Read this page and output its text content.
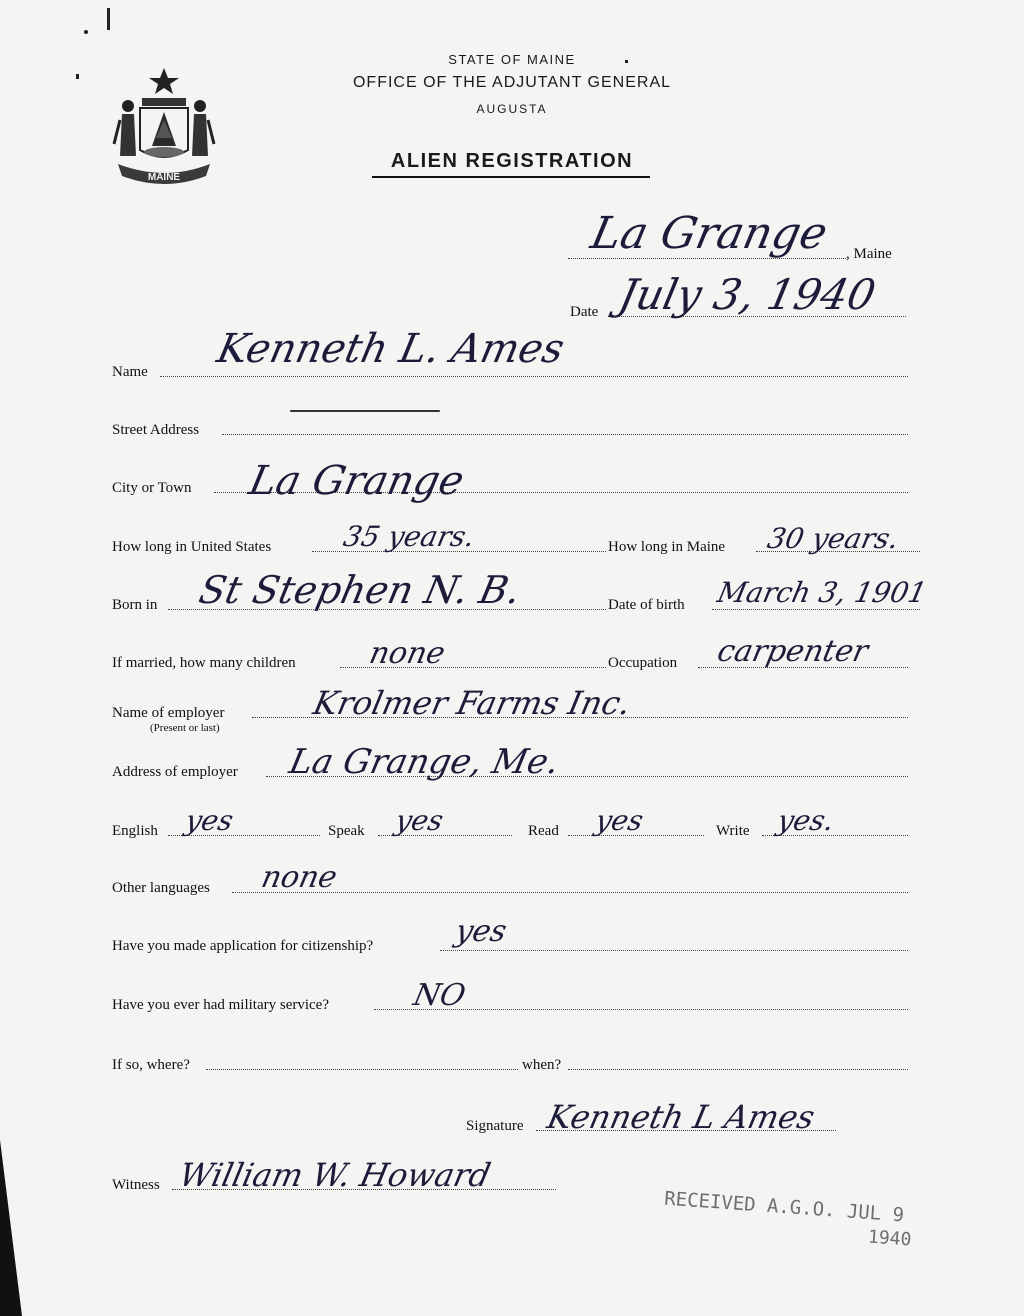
MAINE
STATE OF MAINE
OFFICE OF THE ADJUTANT GENERAL
AUGUSTA
ALIEN REGISTRATION
La Grange , Maine
Date July 3, 1940
Name Kenneth L. Ames
Street Address
City or Town La Grange
How long in United States 35 years.	How long in Maine 30 years.
Born in St Stephen N. B.	Date of birth March 3, 1901
If married, how many children none	Occupation carpenter
Name of employer
(Present or last)
Krolmer Farms Inc.
Address of employer La Grange, Me.
English yes	Speak yes	Read yes	Write yes.
Other languages none
Have you made application for citizenship?	yes
Have you ever had military service?	NO
If so, where?	when?
Signature Kenneth L Ames
Witness William W. Howard
RECEIVED A.G.O. JUL 9
1940
